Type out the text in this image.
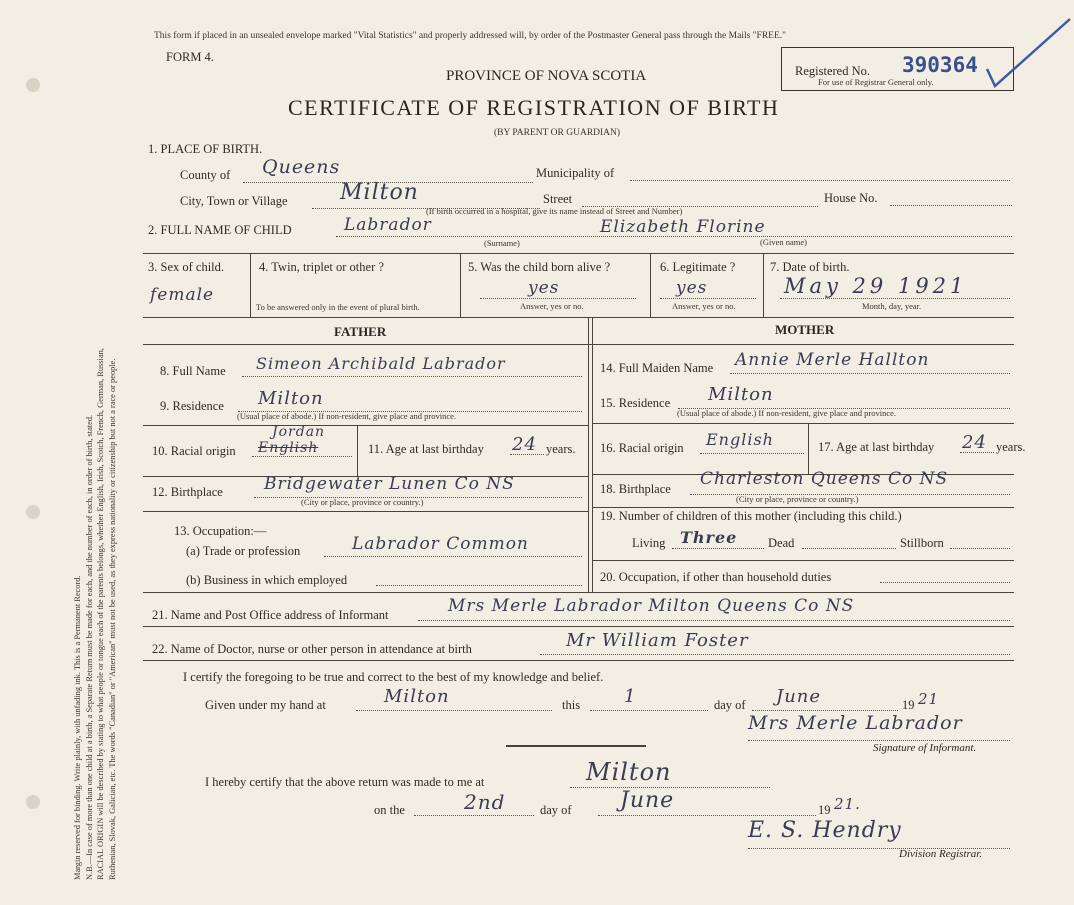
Margin reserved for binding. Write plainly, with unfading ink. This is a Permanent Record. N.B.—In case of more than one child at a birth, a Separate Return must be made for each, and the number of each, in order of birth, stated. RACIAL ORIGIN will be described by stating to what people or tongue each of the parents belongs, whether English, Irish, Scotch, French, German, Russian, Ruthenian, Slovak, Galician, etc. The words "Canadian" or "American" must not be used, as they express nationality or citizenship but not a race or people.
This form if placed in an unsealed envelope marked "Vital Statistics" and properly addressed will, by order of the Postmaster General pass through the Mails "FREE."
FORM 4.
PROVINCE OF NOVA SCOTIA
CERTIFICATE OF REGISTRATION OF BIRTH
(BY PARENT OR GUARDIAN)
Registered No. 390364
For use of Registrar General only.
1. PLACE OF BIRTH.
County of Queens	Municipality of
City, Town or Village Milton	Street	House No.
(If birth occurred in a hospital, give its name instead of Street and Number)
2. FULL NAME OF CHILD	Labrador	Elizabeth Florine
(Surname)	(Given name)
3. Sex of child.
female
4. Twin, triplet or other ?
To be answered only in the event of plural birth.
5. Was the child born alive ?
yes
Answer, yes or no.
6. Legitimate ?
yes
Answer, yes or no.
7. Date of birth.
May 29 1921
Month, day, year.
FATHER	MOTHER
8. Full Name Simeon Archibald Labrador
9. Residence Milton
(Usual place of abode.) If non-resident, give place and province.
10. Racial origin English
Jordan
11. Age at last birthday 24 years.
12. Birthplace Bridgewater Lunen Co NS
(City or place, province or country.)
13. Occupation:—
(a) Trade or profession	Labrador Common
(b) Business in which employed
14. Full Maiden Name Annie Merle Hallton
15. Residence Milton
(Usual place of abode.) If non-resident, give place and province.
16. Racial origin English	17. Age at last birthday 24 years.
18. Birthplace Charleston Queens Co NS
(City or place, province or country.)
19. Number of children of this mother (including this child.)
Living Three Dead	Stillborn
20. Occupation, if other than household duties
21. Name and Post Office address of Informant	Mrs Merle Labrador Milton Queens Co NS
22. Name of Doctor, nurse or other person in attendance at birth	Mr William Foster
I certify the foregoing to be true and correct to the best of my knowledge and belief.
Given under my hand at	Milton	this 1	day of June	19 21
Mrs Merle Labrador
Signature of Informant.
I hereby certify that the above return was made to me at	Milton
on the	2nd	day of June	19 21.
E. S. Hendry
Division Registrar.
